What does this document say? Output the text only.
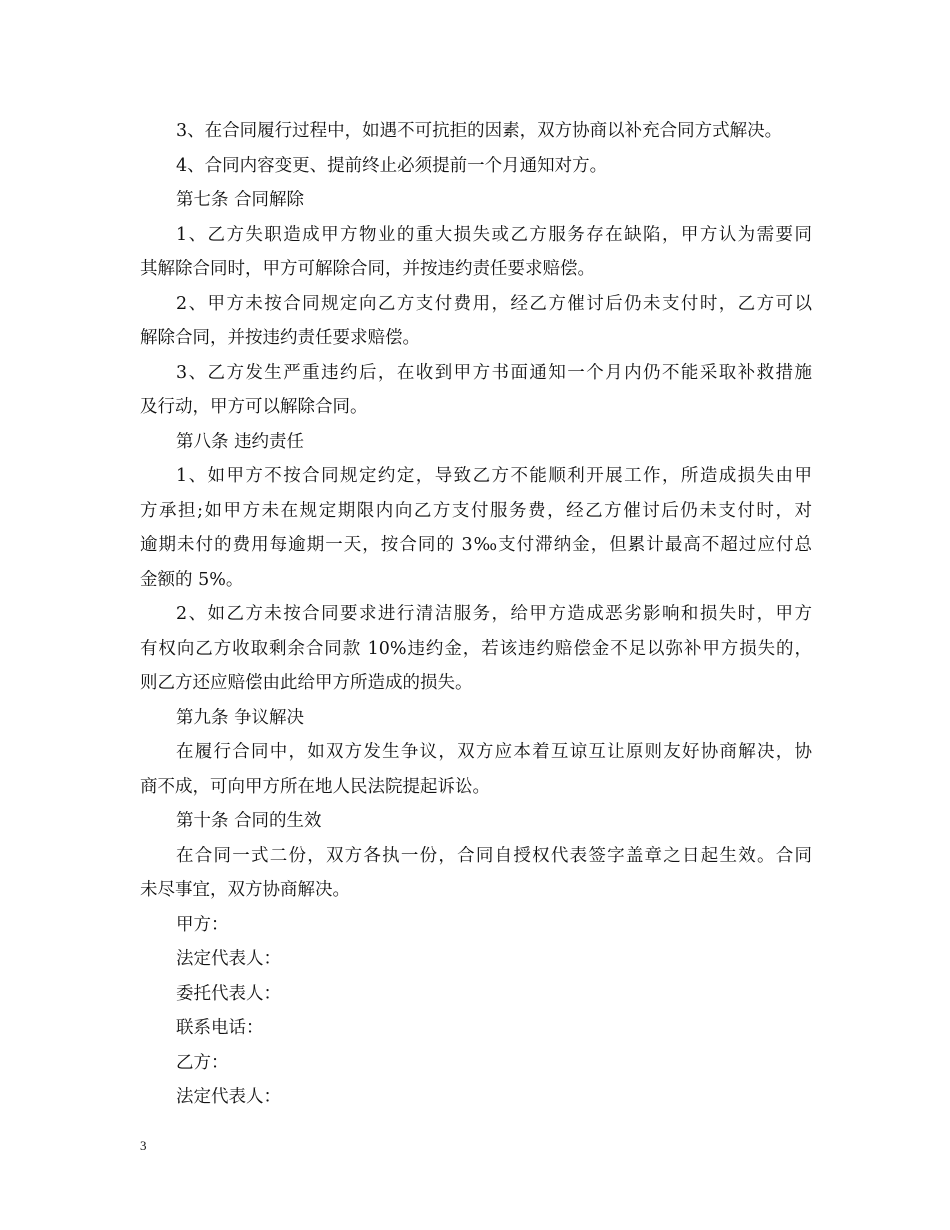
3、在合同履行过程中，如遇不可抗拒的因素，双方协商以补充合同方式解决。
4、合同内容变更、提前终止必须提前一个月通知对方。
第七条 合同解除
1、乙方失职造成甲方物业的重大损失或乙方服务存在缺陷，甲方认为需要同
其解除合同时，甲方可解除合同，并按违约责任要求赔偿。
2、甲方未按合同规定向乙方支付费用，经乙方催讨后仍未支付时，乙方可以
解除合同，并按违约责任要求赔偿。
3、乙方发生严重违约后，在收到甲方书面通知一个月内仍不能采取补救措施
及行动，甲方可以解除合同。
第八条 违约责任
1、如甲方不按合同规定约定，导致乙方不能顺利开展工作，所造成损失由甲
方承担;如甲方未在规定期限内向乙方支付服务费，经乙方催讨后仍未支付时，对
逾期未付的费用每逾期一天，按合同的 3‰支付滞纳金，但累计最高不超过应付总
金额的 5%。
2、如乙方未按合同要求进行清洁服务，给甲方造成恶劣影响和损失时，甲方
有权向乙方收取剩余合同款 10%违约金，若该违约赔偿金不足以弥补甲方损失的，
则乙方还应赔偿由此给甲方所造成的损失。
第九条 争议解决
在履行合同中，如双方发生争议，双方应本着互谅互让原则友好协商解决，协
商不成，可向甲方所在地人民法院提起诉讼。
第十条 合同的生效
在合同一式二份，双方各执一份，合同自授权代表签字盖章之日起生效。合同
未尽事宜，双方协商解决。
甲方：
法定代表人：
委托代表人：
联系电话：
乙方：
法定代表人：
3
